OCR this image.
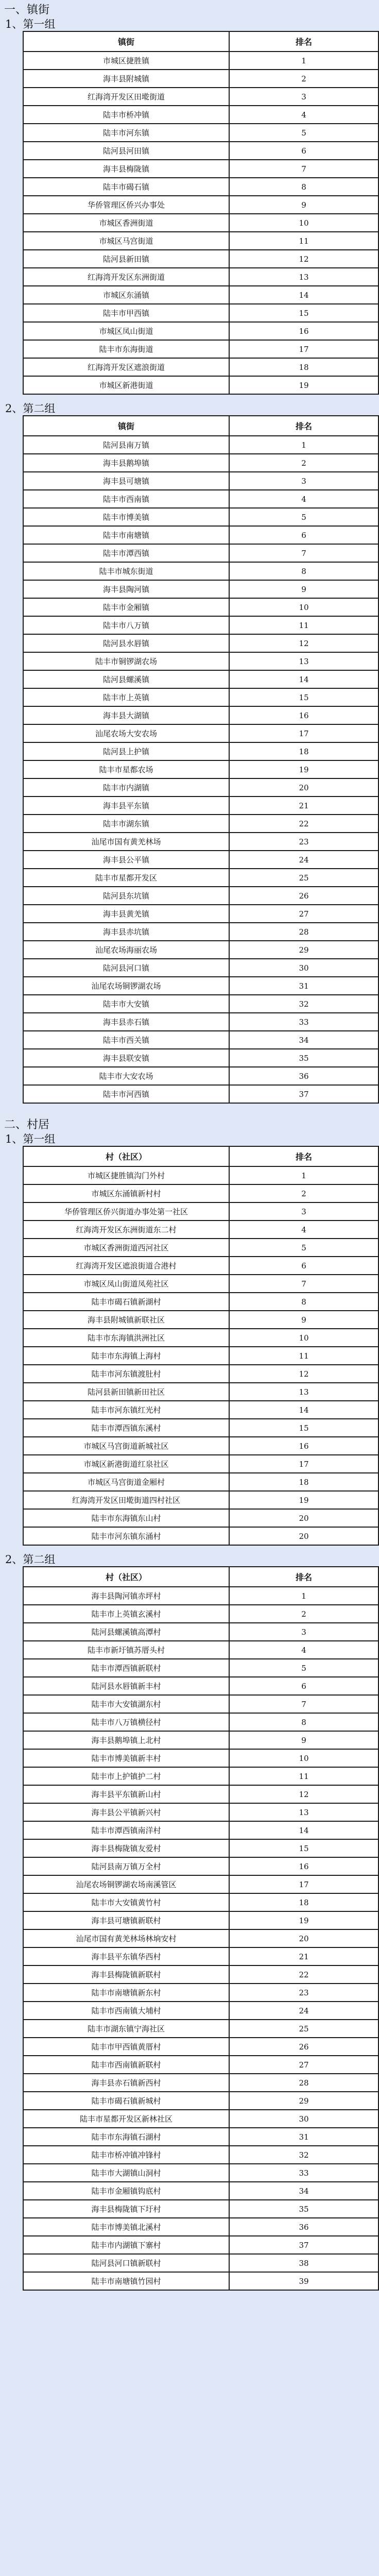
一、镇街
1、第一组
镇街	排名
市城区捷胜镇	1
海丰县附城镇	2
红海湾开发区田墘街道	3
陆丰市桥冲镇	4
陆丰市河东镇	5
陆河县河田镇	6
海丰县梅陇镇	7
陆丰市碣石镇	8
华侨管理区侨兴办事处	9
市城区香洲街道	10
市城区马宫街道	11
陆河县新田镇	12
红海湾开发区东洲街道	13
市城区东涌镇	14
陆丰市甲西镇	15
市城区凤山街道	16
陆丰市东海街道	17
红海湾开发区遮浪街道	18
市城区新港街道	19
2、第二组
镇街	排名
陆河县南万镇	1
海丰县鹅埠镇	2
海丰县可塘镇	3
陆丰市西南镇	4
陆丰市博美镇	5
陆丰市南塘镇	6
陆丰市潭西镇	7
陆丰市城东街道	8
海丰县陶河镇	9
陆丰市金厢镇	10
陆丰市八万镇	11
陆河县水唇镇	12
陆丰市铜锣湖农场	13
陆河县螺溪镇	14
陆丰市上英镇	15
海丰县大湖镇	16
汕尾农场大安农场	17
陆河县上护镇	18
陆丰市星都农场	19
陆丰市内湖镇	20
海丰县平东镇	21
陆丰市湖东镇	22
汕尾市国有黄羌林场	23
海丰县公平镇	24
陆丰市星都开发区	25
陆河县东坑镇	26
海丰县黄羌镇	27
海丰县赤坑镇	28
汕尾农场海丽农场	29
陆河县河口镇	30
汕尾农场铜锣湖农场	31
陆丰市大安镇	32
海丰县赤石镇	33
陆丰市西关镇	34
海丰县联安镇	35
陆丰市大安农场	36
陆丰市河西镇	37
二、村居
1、第一组
村（社区）	排名
市城区捷胜镇沟门外村	1
市城区东涌镇新村村	2
华侨管理区侨兴街道办事处第一社区	3
红海湾开发区东洲街道东二村	4
市城区香洲街道西河社区	5
红海湾开发区遮浪街道合港村	6
市城区凤山街道凤苑社区	7
陆丰市碣石镇新湖村	8
海丰县附城镇新联社区	9
陆丰市东海镇洪洲社区	10
陆丰市东海镇上海村	11
陆丰市河东镇渡肚村	12
陆河县新田镇新田社区	13
陆丰市河东镇红光村	14
陆丰市潭西镇东溪村	15
市城区马宫街道新城社区	16
市城区新港街道红泉社区	17
市城区马宫街道金厢村	18
红海湾开发区田墘街道四村社区	19
陆丰市东海镇东山村	20
陆丰市河东镇东涌村	20
2、第二组
村（社区）	排名
海丰县陶河镇赤坪村	1
陆丰市上英镇玄溪村	2
陆河县螺溪镇高潭村	3
陆丰市新圩镇苏厝头村	4
陆丰市潭西镇新联村	5
陆河县水唇镇新丰村	6
陆丰市大安镇湖东村	7
陆丰市八万镇横径村	8
海丰县鹅埠镇上北村	9
陆丰市博美镇新丰村	10
陆丰市上护镇护二村	11
海丰县平东镇新山村	12
海丰县公平镇新兴村	13
陆丰市潭西镇南洋村	14
海丰县梅陇镇友爱村	15
陆河县南万镇万全村	16
汕尾农场铜锣湖农场南溪管区	17
陆丰市大安镇黄竹村	18
海丰县可塘镇新联村	19
汕尾市国有黄羌林场林垧安村	20
海丰县平东镇华西村	21
海丰县梅陇镇新联村	22
陆丰市南塘镇新东村	23
陆丰市西南镇大埔村	24
陆丰市湖东镇宁海社区	25
陆丰市甲西镇黄厝村	26
陆丰市西南镇新联村	27
海丰县赤石镇新西村	28
陆丰市碣石镇新城村	29
陆丰市星都开发区新林社区	30
陆丰市东海镇石湖村	31
陆丰市桥冲镇冲锋村	32
陆丰市大湖镇山洞村	33
陆丰市金厢镇钩底村	34
海丰县梅陇镇下圩村	35
陆丰市博美镇北溪村	36
陆丰市内湖镇下寨村	37
陆河县河口镇新联村	38
陆丰市南塘镇竹园村	39
